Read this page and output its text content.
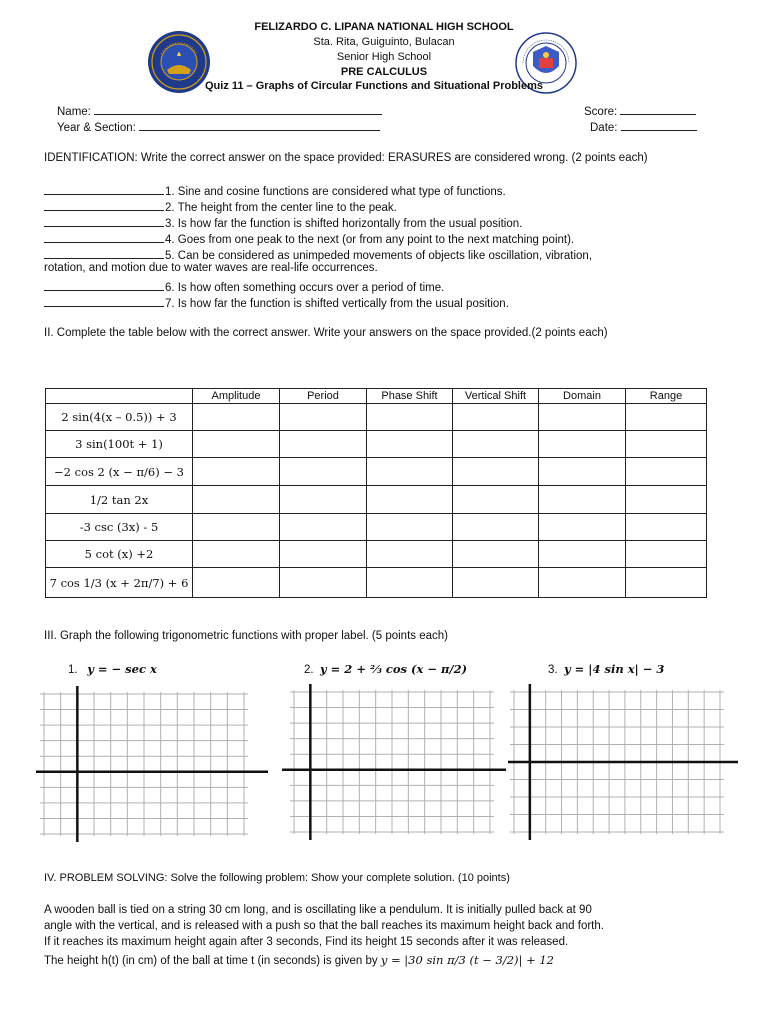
FELIZARDO C. LIPANA NATIONAL HIGH SCHOOL
Sta. Rita, Guiguinto, Bulacan
Senior High School
PRE CALCULUS
Quiz 11 – Graphs of Circular Functions and Situational Problems
Name:
Year & Section:
Score:
Date:
IDENTIFICATION: Write the correct answer on the space provided: ERASURES are considered wrong. (2 points each)
1. Sine and cosine functions are considered what type of functions.
2. The height from the center line to the peak.
3. Is how far the function is shifted horizontally from the usual position.
4. Goes from one peak to the next (or from any point to the next matching point).
5. Can be considered as unimpeded movements of objects like oscillation, vibration,
rotation, and motion due to water waves are real-life occurrences.
6. Is how often something occurs over a period of time.
7. Is how far the function is shifted vertically from the usual position.
II. Complete the table below with the correct answer. Write your answers on the space provided.(2 points each)
	Amplitude	Period	Phase Shift	Vertical Shift	Domain	Range
2 sin(4(x – 0.5)) + 3						
3 sin(100t + 1)						
−2 cos 2 (x − π/6) − 3						
1/2 tan 2x						
-3 csc (3x) - 5						
5 cot (x) +2						
7 cos 1/3 (x + 2π/7) + 6						
III. Graph the following trigonometric functions with proper label. (5 points each)
1. y = − sec x	2. y = 2 + ⅔ cos (x − π/2)	3. y = |4 sin x| − 3
IV. PROBLEM SOLVING: Solve the following problem: Show your complete solution. (10 points)
A wooden ball is tied on a string 30 cm long, and is oscillating like a pendulum. It is initially pulled back at 90
angle with the vertical, and is released with a push so that the ball reaches its maximum height back and forth.
If it reaches its maximum height again after 3 seconds, Find its height 15 seconds after it was released.
The height h(t) (in cm) of the ball at time t (in seconds) is given by y = |30 sin π/3 (t − 3/2)| + 12
